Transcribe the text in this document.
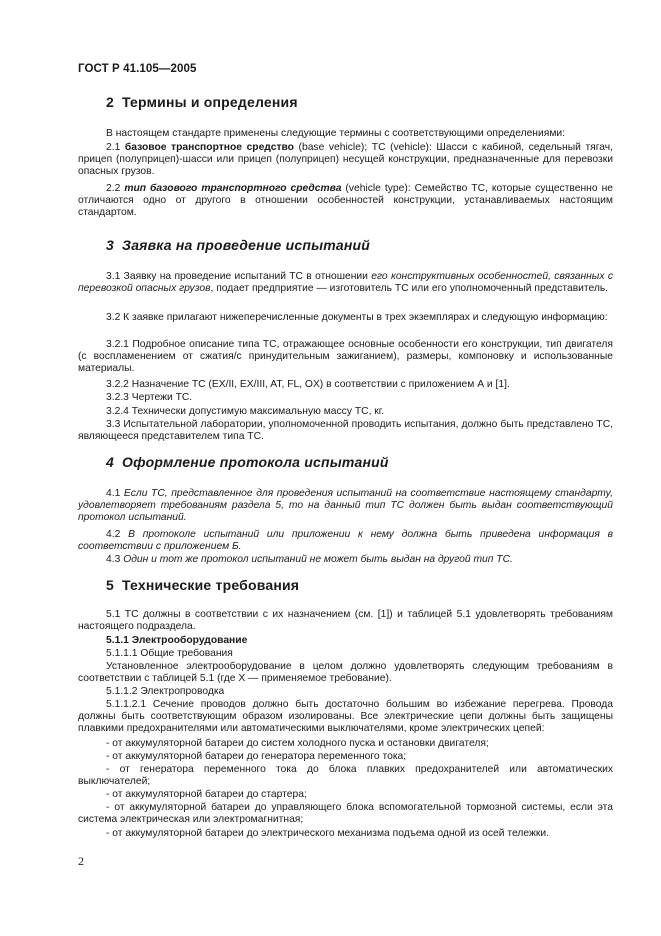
ГОСТ Р 41.105—2005
2 Термины и определения
В настоящем стандарте применены следующие термины с соответствующими определениями:
2.1 базовое транспортное средство (base vehicle); ТС (vehicle): Шасси с кабиной, седельный тягач, прицеп (полуприцеп)-шасси или прицеп (полуприцеп) несущей конструкции, предназначенные для перевозки опасных грузов.
2.2 тип базового транспортного средства (vehicle type): Семейство ТС, которые существенно не отличаются одно от другого в отношении особенностей конструкции, устанавливаемых настоящим стандартом.
3 Заявка на проведение испытаний
3.1 Заявку на проведение испытаний ТС в отношении его конструктивных особенностей, связанных с перевозкой опасных грузов, подает предприятие — изготовитель ТС или его уполномоченный представитель.
3.2 К заявке прилагают нижеперечисленные документы в трех экземплярах и следующую информацию:
3.2.1 Подробное описание типа ТС, отражающее основные особенности его конструкции, тип двигателя (с воспламенением от сжатия/с принудительным зажиганием), размеры, компоновку и использованные материалы.
3.2.2 Назначение ТС (EX/II, EX/III, AT, FL, OX) в соответствии с приложением А и [1].
3.2.3 Чертежи ТС.
3.2.4 Технически допустимую максимальную массу ТС, кг.
3.3 Испытательной лаборатории, уполномоченной проводить испытания, должно быть представлено ТС, являющееся представителем типа ТС.
4 Оформление протокола испытаний
4.1 Если ТС, представленное для проведения испытаний на соответствие настоящему стандарту, удовлетворяет требованиям раздела 5, то на данный тип ТС должен быть выдан соответствующий протокол испытаний.
4.2 В протоколе испытаний или приложении к нему должна быть приведена информация в соответствии с приложением Б.
4.3 Один и тот же протокол испытаний не может быть выдан на другой тип ТС.
5 Технические требования
5.1 ТС должны в соответствии с их назначением (см. [1]) и таблицей 5.1 удовлетворять требованиям настоящего подраздела.
5.1.1 Электрооборудование
5.1.1.1 Общие требования
Установленное электрооборудование в целом должно удовлетворять следующим требованиям в соответствии с таблицей 5.1 (где Х — применяемое требование).
5.1.1.2 Электропроводка
5.1.1.2.1 Сечение проводов должно быть достаточно большим во избежание перегрева. Провода должны быть соответствующим образом изолированы. Все электрические цепи должны быть защищены плавкими предохранителями или автоматическими выключателями, кроме электрических цепей:
- от аккумуляторной батареи до систем холодного пуска и остановки двигателя;
- от аккумуляторной батареи до генератора переменного тока;
- от генератора переменного тока до блока плавких предохранителей или автоматических выключателей;
- от аккумуляторной батареи до стартера;
- от аккумуляторной батареи до управляющего блока вспомогательной тормозной системы, если эта система электрическая или электромагнитная;
- от аккумуляторной батареи до электрического механизма подъема одной из осей тележки.
2
